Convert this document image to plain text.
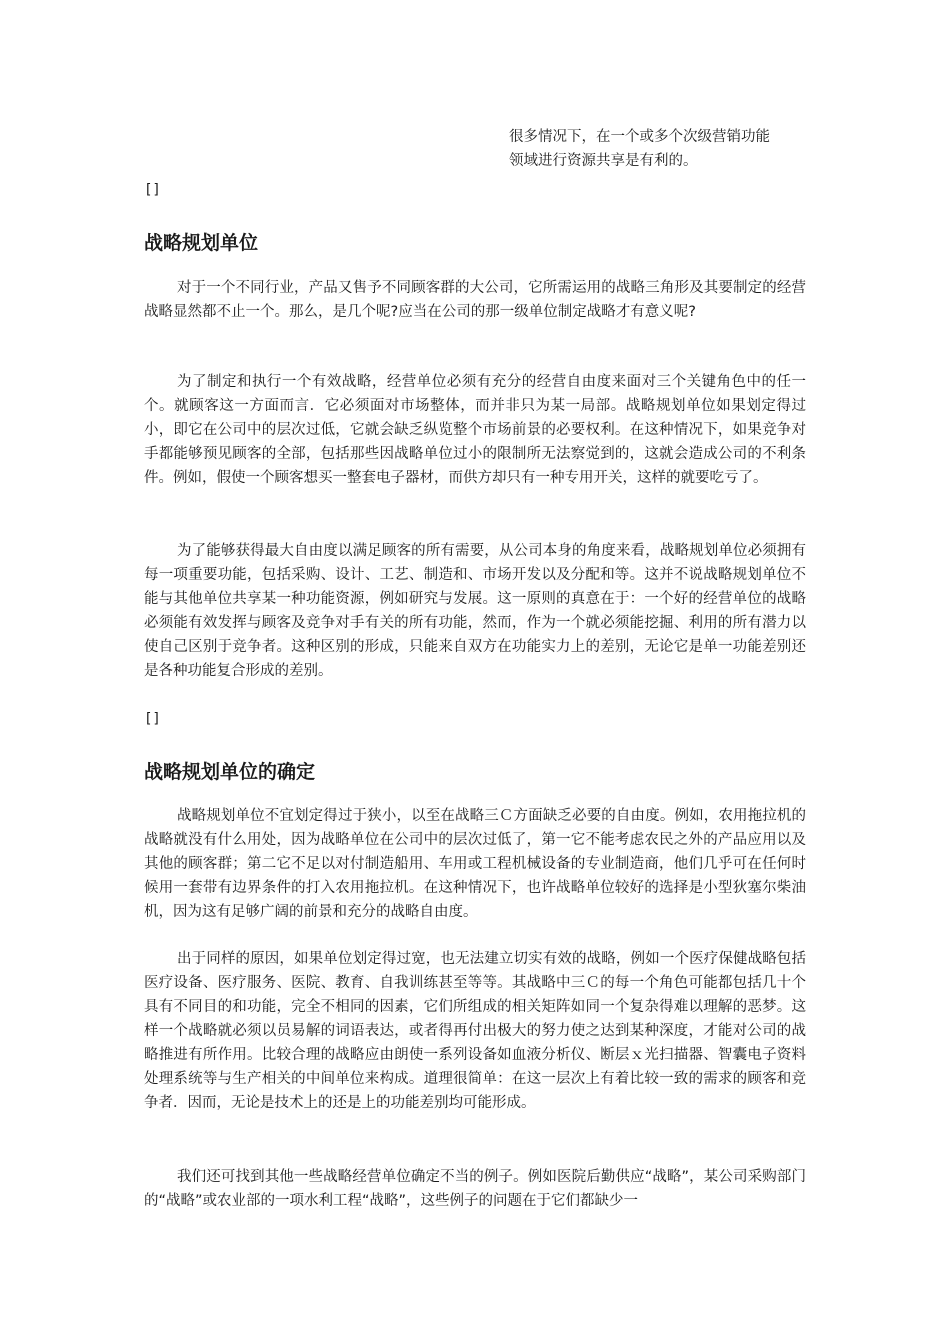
很多情况下，在一个或多个次级营销功能

领域进行资源共享是有利的。

[]
战略规划单位

对于一个不同行业，产品又售予不同顾客群的大公司，它所需运用的战略三角形及其要制定的经营战略显然都不止一个。那么，是几个呢?应当在公司的那一级单位制定战略才有意义呢?

为了制定和执行一个有效战略，经营单位必须有充分的经营自由度来面对三个关键角色中的任一个。就顾客这一方面而言．它必须面对市场整体，而并非只为某一局部。战略规划单位如果划定得过小，即它在公司中的层次过低，它就会缺乏纵览整个市场前景的必要权利。在这种情况下，如果竞争对手都能够预见顾客的全部，包括那些因战略单位过小的限制所无法察觉到的，这就会造成公司的不利条件。例如，假使一个顾客想买一整套电子器材，而供方却只有一种专用开关，这样的就要吃亏了。

为了能够获得最大自由度以满足顾客的所有需要，从公司本身的角度来看，战略规划单位必须拥有每一项重要功能，包括采购、设计、工艺、制造和、市场开发以及分配和等。这并不说战略规划单位不能与其他单位共享某一种功能资源，例如研究与发展。这一原则的真意在于：一个好的经营单位的战略必须能有效发挥与顾客及竞争对手有关的所有功能，然而，作为一个就必须能挖掘、利用的所有潜力以使自己区别于竞争者。这种区别的形成，只能来自双方在功能实力上的差别，无论它是单一功能差别还是各种功能复合形成的差别。

[]
战略规划单位的确定

战略规划单位不宜划定得过于狭小，以至在战略三Ｃ方面缺乏必要的自由度。例如，农用拖拉机的战略就没有什么用处，因为战略单位在公司中的层次过低了，第一它不能考虑农民之外的产品应用以及其他的顾客群；第二它不足以对付制造船用、车用或工程机械设备的专业制造商，他们几乎可在任何时候用一套带有边界条件的打入农用拖拉机。在这种情况下，也许战略单位较好的选择是小型狄塞尔柴油机，因为这有足够广阔的前景和充分的战略自由度。

出于同样的原因，如果单位划定得过宽，也无法建立切实有效的战略，例如一个医疗保健战略包括医疗设备、医疗服务、医院、教育、自我训练甚至等等。其战略中三Ｃ的每一个角色可能都包括几十个具有不同目的和功能，完全不相同的因素，它们所组成的相关矩阵如同一个复杂得难以理解的恶梦。这样一个战略就必须以员易解的词语表达，或者得再付出极大的努力使之达到某种深度，才能对公司的战略推进有所作用。比较合理的战略应由朗使一系列设备如血液分析仪、断层ｘ光扫描器、智囊电子资料处理系统等与生产相关的中间单位来构成。道理很简单：在这一层次上有着比较一致的需求的顾客和竞争者．因而，无论是技术上的还是上的功能差别均可能形成。

我们还可找到其他一些战略经营单位确定不当的例子。例如医院后勤供应“战略”，某公司采购部门的“战略”或农业部的一项水利工程“战略”，这些例子的问题在于它们都缺少一
